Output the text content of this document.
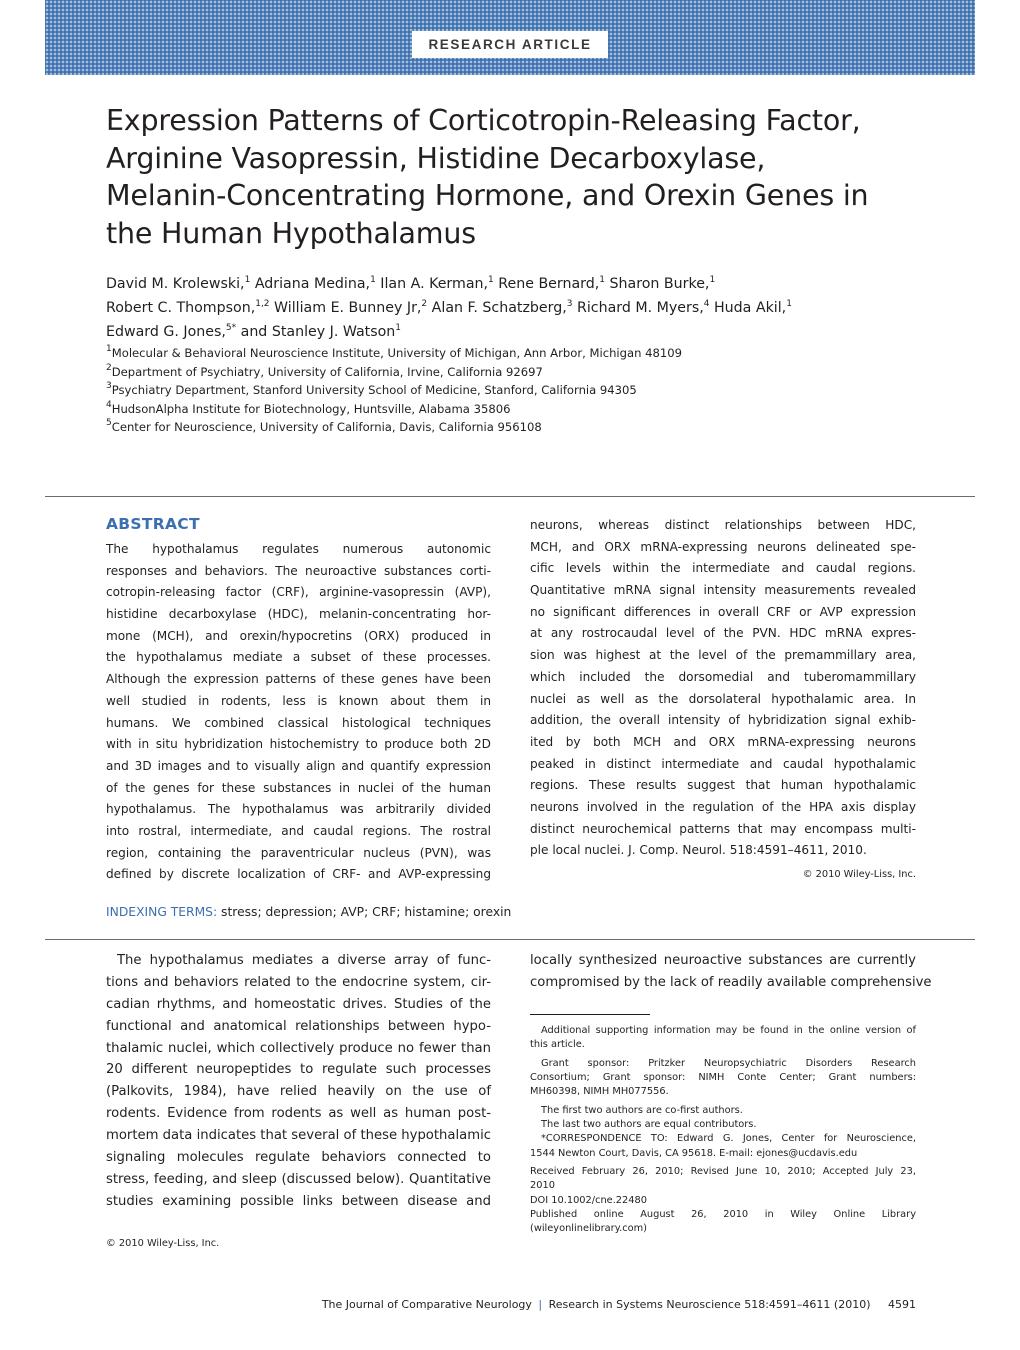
RESEARCH ARTICLE
Expression Patterns of Corticotropin-Releasing Factor,
Arginine Vasopressin, Histidine Decarboxylase,
Melanin-Concentrating Hormone, and Orexin Genes in
the Human Hypothalamus
David M. Krolewski,$^1$ Adriana Medina,$^1$ Ilan A. Kerman,$^1$ Rene Bernard,$^1$ Sharon Burke,$^1$
Robert C. Thompson,$^{1,2}$ William E. Bunney Jr,$^2$ Alan F. Schatzberg,$^3$ Richard M. Myers,$^4$ Huda Akil,$^1$
Edward G. Jones,$^{5*}$ and Stanley J. Watson$^1$
$^1$Molecular & Behavioral Neuroscience Institute, University of Michigan, Ann Arbor, Michigan 48109
$^2$Department of Psychiatry, University of California, Irvine, California 92697
$^3$Psychiatry Department, Stanford University School of Medicine, Stanford, California 94305
$^4$HudsonAlpha Institute for Biotechnology, Huntsville, Alabama 35806
$^5$Center for Neuroscience, University of California, Davis, California 956108
ABSTRACT
The hypothalamus regulates numerous autonomic
responses and behaviors. The neuroactive substances corti-
cotropin-releasing factor (CRF), arginine-vasopressin (AVP),
histidine decarboxylase (HDC), melanin-concentrating hor-
mone (MCH), and orexin/hypocretins (ORX) produced in
the hypothalamus mediate a subset of these processes.
Although the expression patterns of these genes have been
well studied in rodents, less is known about them in
humans. We combined classical histological techniques
with in situ hybridization histochemistry to produce both 2D
and 3D images and to visually align and quantify expression
of the genes for these substances in nuclei of the human
hypothalamus. The hypothalamus was arbitrarily divided
into rostral, intermediate, and caudal regions. The rostral
region, containing the paraventricular nucleus (PVN), was
defined by discrete localization of CRF- and AVP-expressing
neurons, whereas distinct relationships between HDC,
MCH, and ORX mRNA-expressing neurons delineated spe-
cific levels within the intermediate and caudal regions.
Quantitative mRNA signal intensity measurements revealed
no significant differences in overall CRF or AVP expression
at any rostrocaudal level of the PVN. HDC mRNA expres-
sion was highest at the level of the premammillary area,
which included the dorsomedial and tuberomammillary
nuclei as well as the dorsolateral hypothalamic area. In
addition, the overall intensity of hybridization signal exhib-
ited by both MCH and ORX mRNA-expressing neurons
peaked in distinct intermediate and caudal hypothalamic
regions. These results suggest that human hypothalamic
neurons involved in the regulation of the HPA axis display
distinct neurochemical patterns that may encompass multi-
ple local nuclei. J. Comp. Neurol. 518:4591–4611, 2010.
© 2010 Wiley-Liss, Inc.
INDEXING TERMS: stress; depression; AVP; CRF; histamine; orexin
The hypothalamus mediates a diverse array of func-
tions and behaviors related to the endocrine system, cir-
cadian rhythms, and homeostatic drives. Studies of the
functional and anatomical relationships between hypo-
thalamic nuclei, which collectively produce no fewer than
20 different neuropeptides to regulate such processes
(Palkovits, 1984), have relied heavily on the use of
rodents. Evidence from rodents as well as human post-
mortem data indicates that several of these hypothalamic
signaling molecules regulate behaviors connected to
stress, feeding, and sleep (discussed below). Quantitative
studies examining possible links between disease and
© 2010 Wiley-Liss, Inc.
locally synthesized neuroactive substances are currently
compromised by the lack of readily available comprehensive
Additional supporting information may be found in the online version of
this article.
Grant sponsor: Pritzker Neuropsychiatric Disorders Research
Consortium; Grant sponsor: NIMH Conte Center; Grant numbers:
MH60398, NIMH MH077556.
The first two authors are co-first authors.
The last two authors are equal contributors.
*CORRESPONDENCE TO: Edward G. Jones, Center for Neuroscience,
1544 Newton Court, Davis, CA 95618. E-mail: ejones@ucdavis.edu
Received February 26, 2010; Revised June 10, 2010; Accepted July 23,
2010
DOI 10.1002/cne.22480
Published online August 26, 2010 in Wiley Online Library
(wileyonlinelibrary.com)
The Journal of Comparative Neurology | Research in Systems Neuroscience 518:4591–4611 (2010) 4591
